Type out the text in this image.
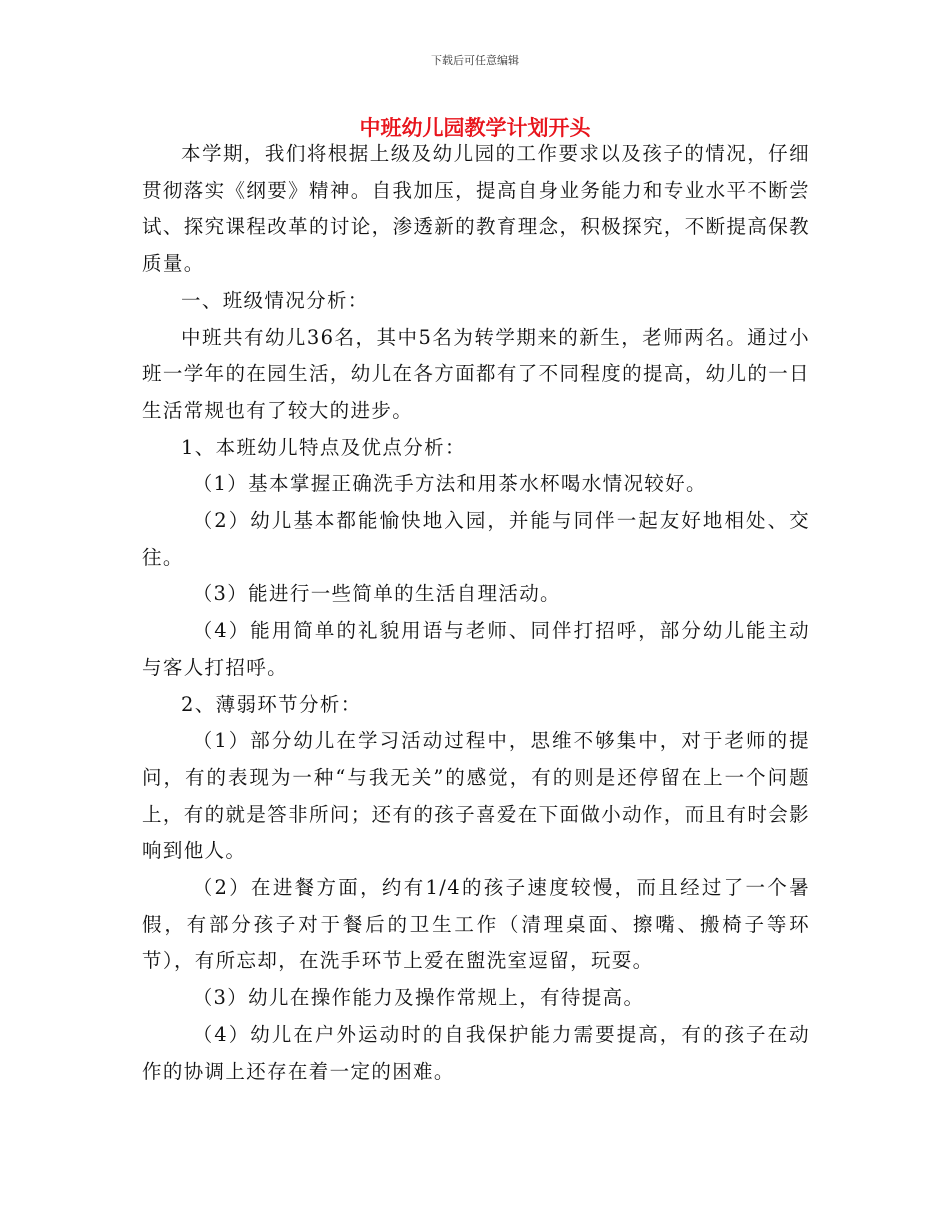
下载后可任意编辑
中班幼儿园教学计划开头

本学期，我们将根据上级及幼儿园的工作要求以及孩子的情况，仔细贯彻落实《纲要》精神。自我加压，提高自身业务能力和专业水平不断尝试、探究课程改革的讨论，渗透新的教育理念，积极探究，不断提高保教质量。

一、班级情况分析：

中班共有幼儿36名，其中5名为转学期来的新生，老师两名。通过小班一学年的在园生活，幼儿在各方面都有了不同程度的提高，幼儿的一日生活常规也有了较大的进步。

1、本班幼儿特点及优点分析：

（1）基本掌握正确洗手方法和用茶水杯喝水情况较好。

（2）幼儿基本都能愉快地入园，并能与同伴一起友好地相处、交往。

（3）能进行一些简单的生活自理活动。

（4）能用简单的礼貌用语与老师、同伴打招呼，部分幼儿能主动与客人打招呼。

2、薄弱环节分析：

（1）部分幼儿在学习活动过程中，思维不够集中，对于老师的提问，有的表现为一种“与我无关”的感觉，有的则是还停留在上一个问题上，有的就是答非所问；还有的孩子喜爱在下面做小动作，而且有时会影响到他人。

（2）在进餐方面，约有1/4的孩子速度较慢，而且经过了一个暑假，有部分孩子对于餐后的卫生工作（清理桌面、擦嘴、搬椅子等环节），有所忘却，在洗手环节上爱在盥洗室逗留，玩耍。

（3）幼儿在操作能力及操作常规上，有待提高。

（4）幼儿在户外运动时的自我保护能力需要提高，有的孩子在动作的协调上还存在着一定的困难。
